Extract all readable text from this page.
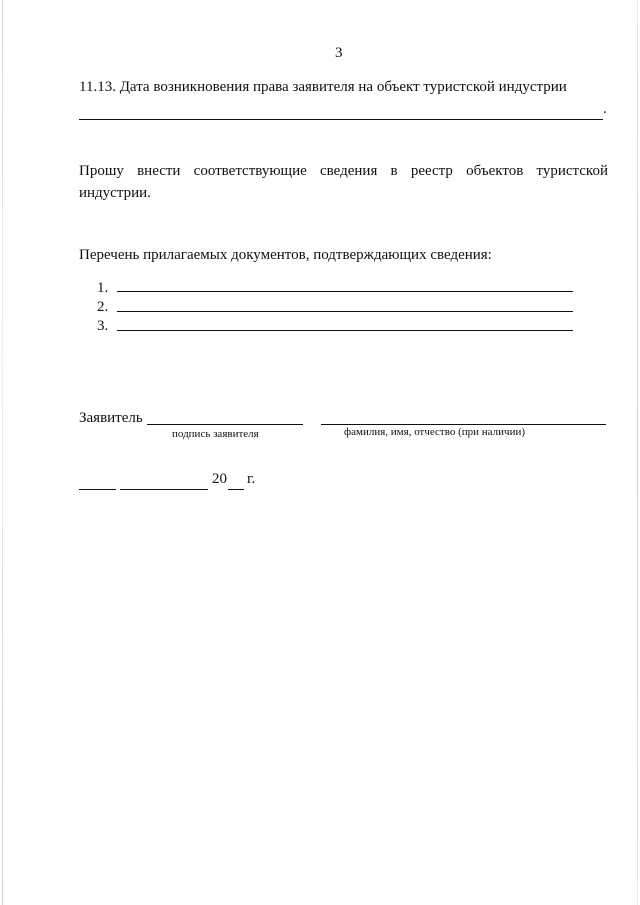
3
11.13. Дата возникновения права заявителя на объект туристской индустрии
.
Прошу внести соответствующие сведения в реестр объектов туристской
индустрии.
Перечень прилагаемых документов, подтверждающих сведения:
1.
2.
3.
Заявитель
подпись заявителя	фамилия, имя, отчество (при наличии)
20 г.
